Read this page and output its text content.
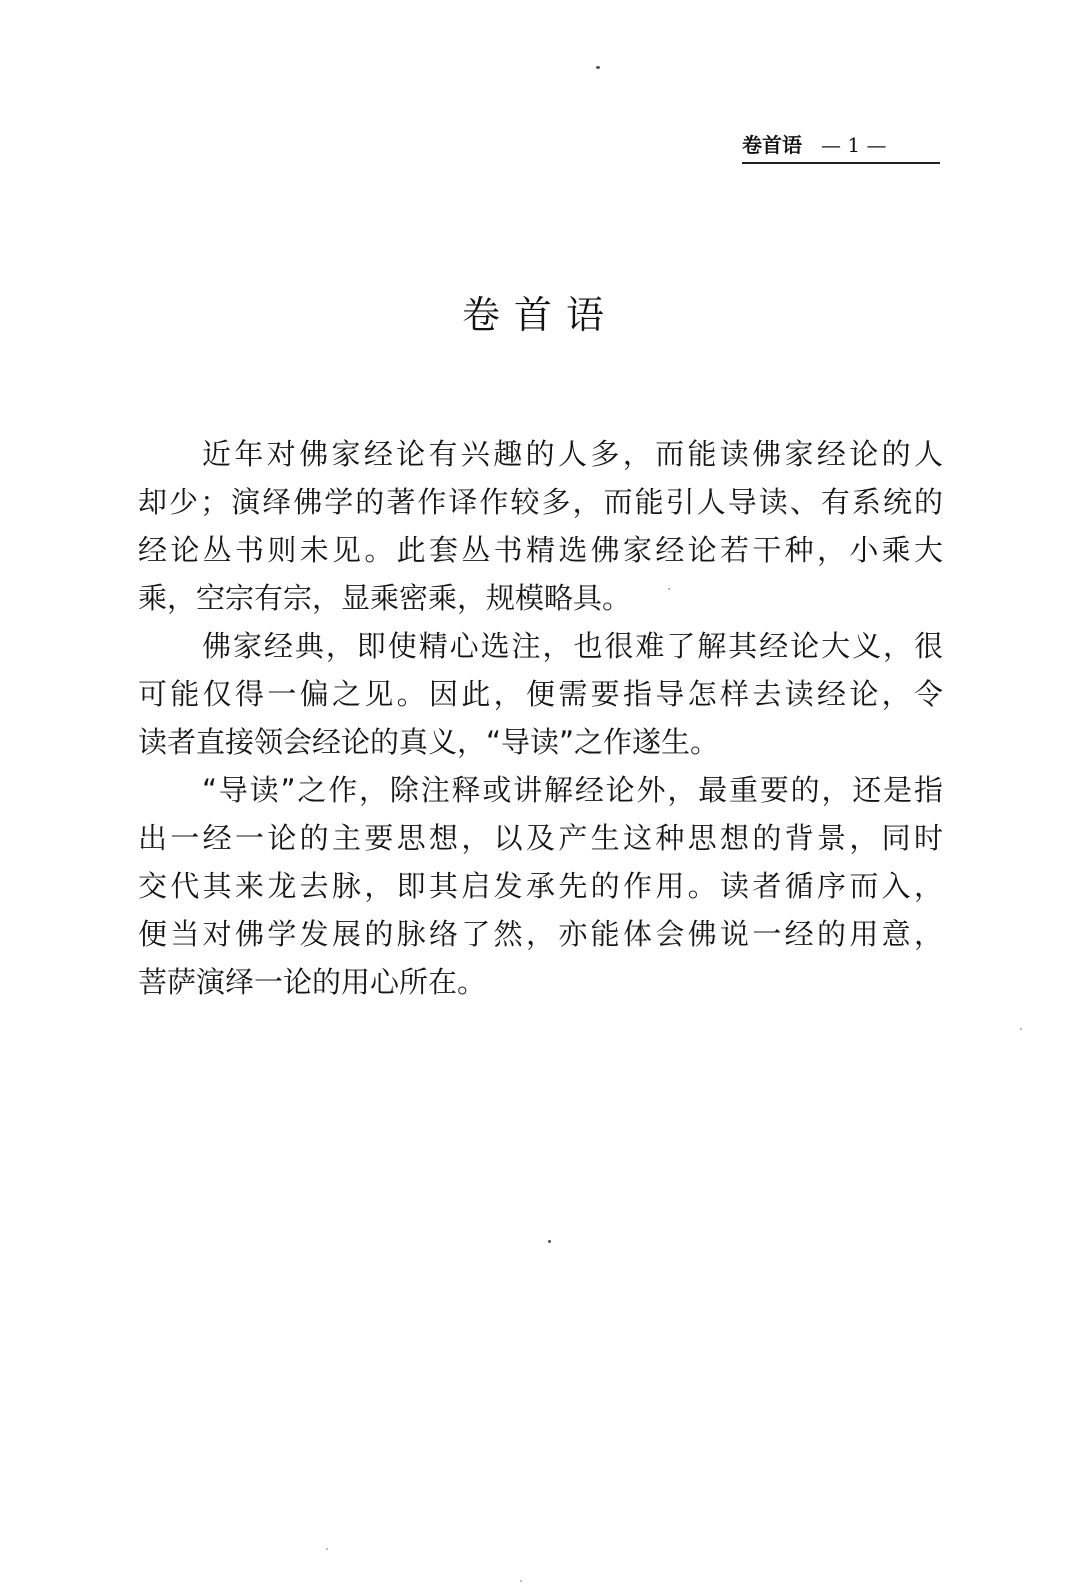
卷首语 — 1 —
卷首语
近年对佛家经论有兴趣的人多，而能读佛家经论的人
却少；演绎佛学的著作译作较多，而能引人导读、有系统的
经论丛书则未见。此套丛书精选佛家经论若干种，小乘大
乘，空宗有宗，显乘密乘，规模略具。
佛家经典，即使精心选注，也很难了解其经论大义，很
可能仅得一偏之见。因此，便需要指导怎样去读经论，令
读者直接领会经论的真义，“导读”之作遂生。
“导读”之作，除注释或讲解经论外，最重要的，还是指
出一经一论的主要思想，以及产生这种思想的背景，同时
交代其来龙去脉，即其启发承先的作用。读者循序而入，
便当对佛学发展的脉络了然，亦能体会佛说一经的用意，
菩萨演绎一论的用心所在。
